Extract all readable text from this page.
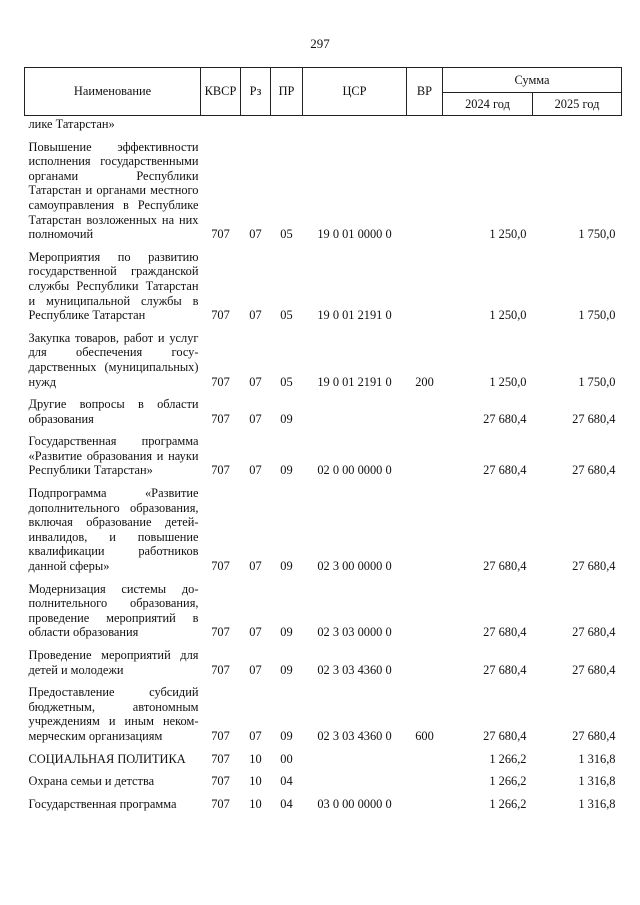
297
Наименование	КВСР	Рз	ПР	ЦСР	ВР	Сумма	
						2024 год	2025 год
лике Татарстан»							
Повышение эффективности исполнения государственными органами Республики Татарстан и органами местного самоуправления в Республике Татарстан возложенных на них полномочий	707	07	05	19 0 01 0000 0		1 250,0	1 750,0
Мероприятия по развитию государственной гражданской службы Республики Татарстан и муниципальной службы в Республике Татарстан	707	07	05	19 0 01 2191 0		1 250,0	1 750,0
Закупка товаров, работ и услуг для обеспечения государственных (муниципальных) нужд	707	07	05	19 0 01 2191 0	200	1 250,0	1 750,0
Другие вопросы в области образования	707	07	09			27 680,4	27 680,4
Государственная программа «Развитие образования и науки Республики Татарстан»	707	07	09	02 0 00 0000 0		27 680,4	27 680,4
Подпрограмма «Развитие дополнительного образования, включая образование детей-инвалидов, и повышение квалификации работников данной сферы»	707	07	09	02 3 00 0000 0		27 680,4	27 680,4
Модернизация системы дополнительного образования, проведение мероприятий в области образования	707	07	09	02 3 03 0000 0		27 680,4	27 680,4
Проведение мероприятий для детей и молодежи	707	07	09	02 3 03 4360 0		27 680,4	27 680,4
Предоставление субсидий бюджетным, автономным учреждениям и иным некоммерческим организациям	707	07	09	02 3 03 4360 0	600	27 680,4	27 680,4
СОЦИАЛЬНАЯ ПОЛИТИКА	707	10	00			1 266,2	1 316,8
Охрана семьи и детства	707	10	04			1 266,2	1 316,8
Государственная программа	707	10	04	03 0 00 0000 0		1 266,2	1 316,8
